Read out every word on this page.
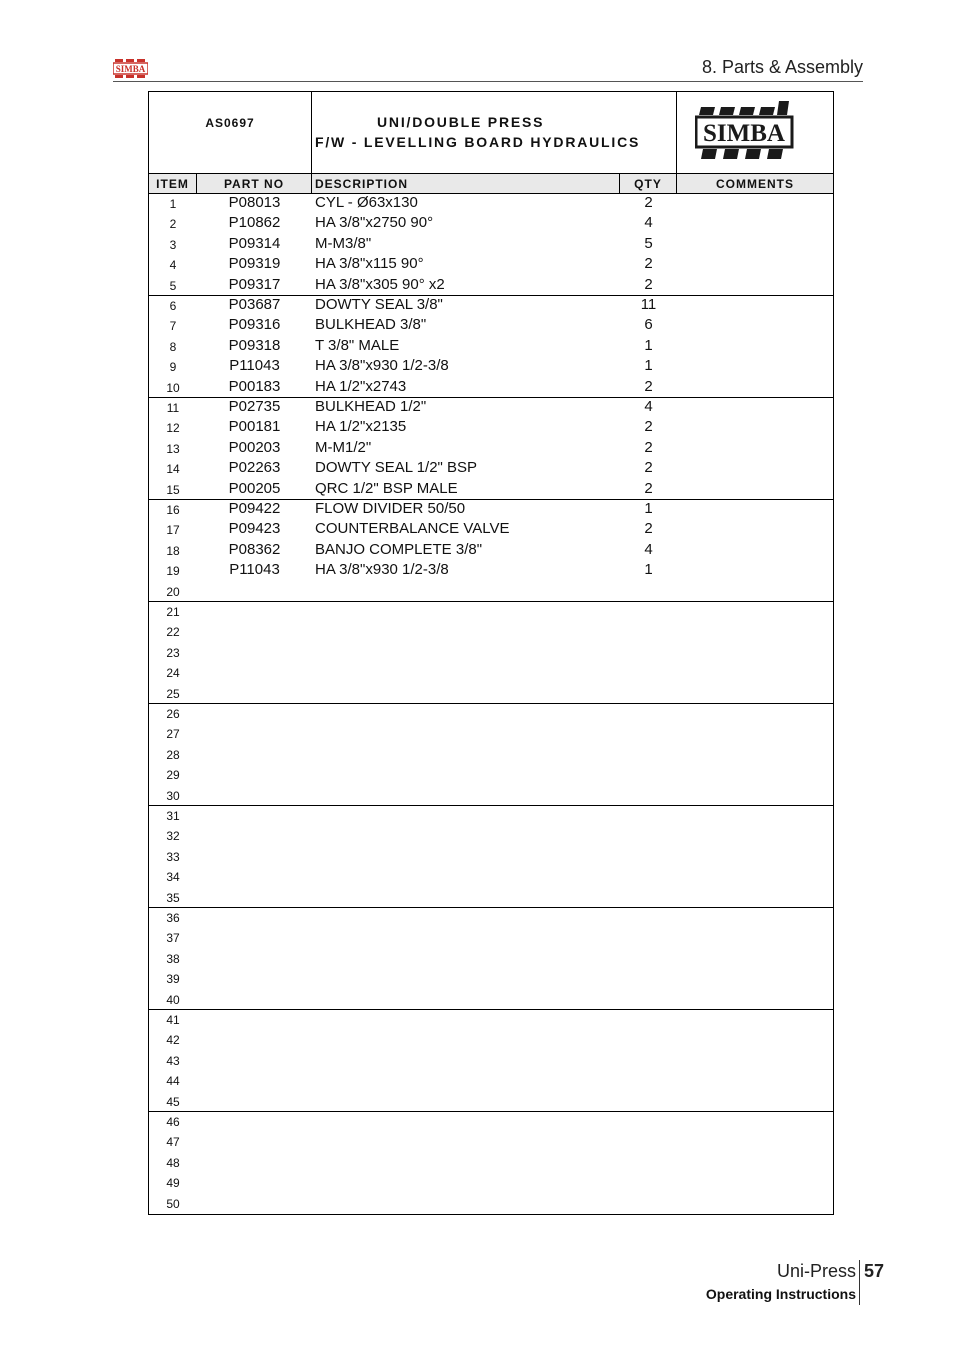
SIMBA	8. Parts & Assembly
AS0697	UNI/DOUBLE PRESS
F/W - LEVELLING BOARD HYDRAULICS	SIMBA
ITEM	PART NO	DESCRIPTION	QTY	COMMENTS
1	P08013	CYL - Ø63x130	2
2	P10862	HA 3/8"x2750 90°	4
3	P09314	M-M3/8"	5
4	P09319	HA 3/8"x115 90°	2
5	P09317	HA 3/8"x305 90° x2	2
6	P03687	DOWTY SEAL 3/8"	11
7	P09316	BULKHEAD 3/8"	6
8	P09318	T 3/8" MALE	1
9	P11043	HA 3/8"x930 1/2-3/8	1
10	P00183	HA 1/2"x2743	2
11	P02735	BULKHEAD 1/2"	4
12	P00181	HA 1/2"x2135	2
13	P00203	M-M1/2"	2
14	P02263	DOWTY SEAL 1/2" BSP	2
15	P00205	QRC 1/2" BSP MALE	2
16	P09422	FLOW DIVIDER 50/50	1
17	P09423	COUNTERBALANCE VALVE	2
18	P08362	BANJO COMPLETE 3/8"	4
19	P11043	HA 3/8"x930 1/2-3/8	1
20
21
22
23
24
25
26
27
28
29
30
31
32
33
34
35
36
37
38
39
40
41
42
43
44
45
46
47
48
49
50
Uni-Press
Operating Instructions
57
